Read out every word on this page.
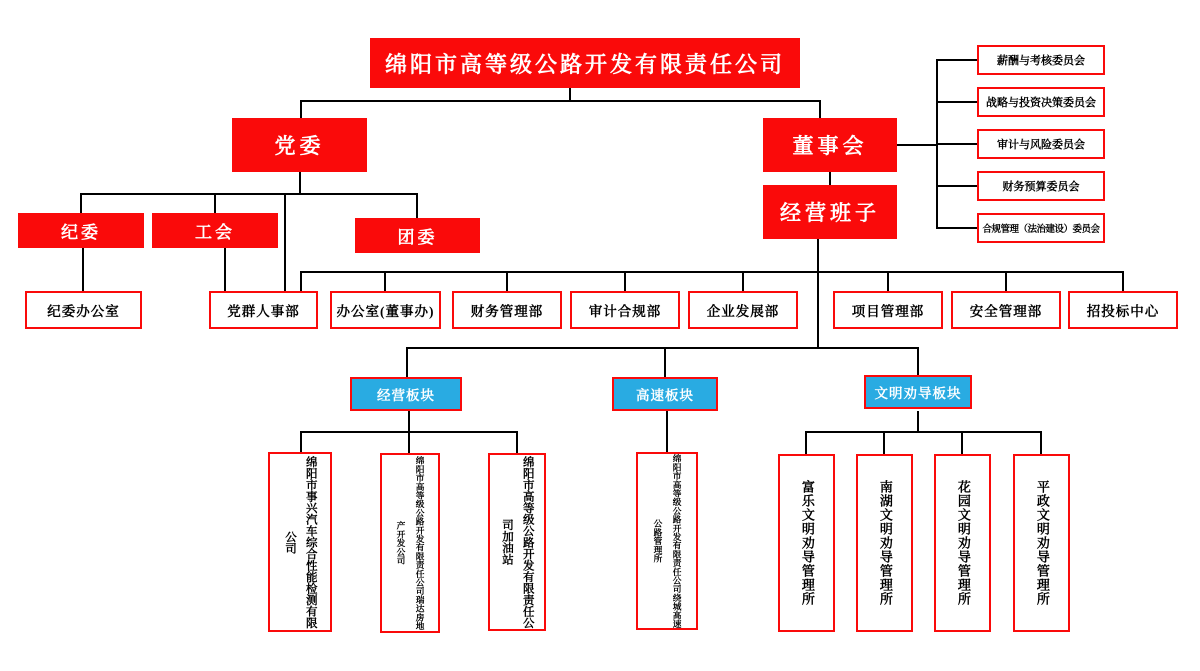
绵阳市高等级公路开发有限责任公司
党委	董事会
经营班子
薪酬与考核委员会
战略与投资决策委员会
审计与风险委员会
财务预算委员会
合规管理（法治建设）委员会
纪委	工会	团委
纪委办公室	党群人事部	办公室(董事办)	财务管理部	审计合规部	企业发展部	项目管理部	安全管理部	招投标中心
经营板块	高速板块	文明劝导板块
绵阳市事兴汽车综合性能检测有限公司	绵阳市高等级公路开发有限责任公司瑞达房地产开发公司	绵阳市高等级公路开发有限责任公司加油站	绵阳市高等级公路开发有限责任公司绕城高速公路管理所	富乐文明劝导管理所	南湖文明劝导管理所	花园文明劝导管理所	平政文明劝导管理所
